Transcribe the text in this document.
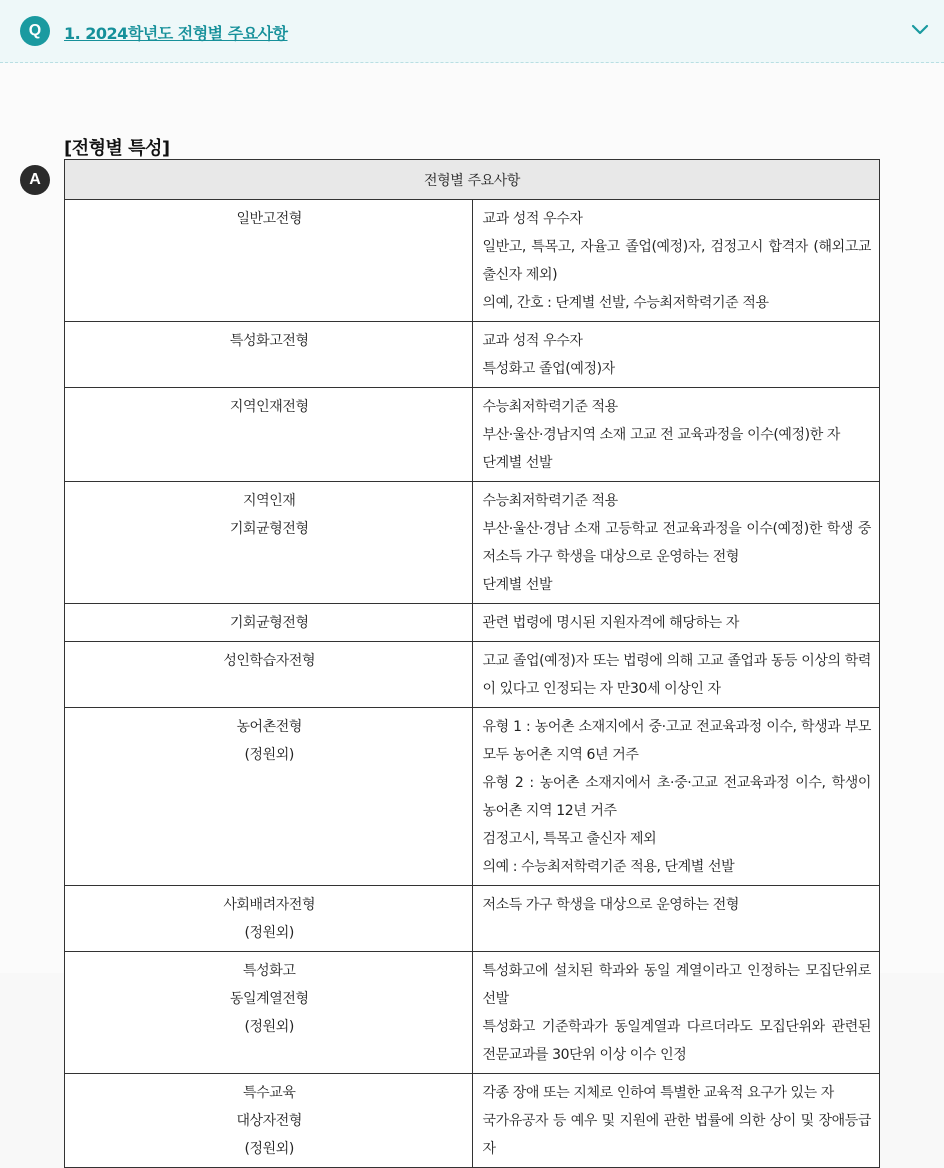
Q	1. 2024학년도 전형별 주요사항
[전형별 특성]
A	전형별 주요사항	

일반고전형	교과 성적 우수자
일반고, 특목고, 자율고 졸업(예정)자, 검정고시 합격자 (해외고교 출신자 제외)
의예, 간호 : 단계별 선발, 수능최저학력기준 적용

특성화고전형	교과 성적 우수자
특성화고 졸업(예정)자

지역인재전형	수능최저학력기준 적용
부산·울산·경남지역 소재 고교 전 교육과정을 이수(예정)한 자
단계별 선발

지역인재
기회균형전형	수능최저학력기준 적용
부산·울산·경남 소재 고등학교 전교육과정을 이수(예정)한 학생 중 저소득 가구 학생을 대상으로 운영하는 전형
단계별 선발

기회균형전형	관련 법령에 명시된 지원자격에 해당하는 자

성인학습자전형	고교 졸업(예정)자 또는 법령에 의해 고교 졸업과 동등 이상의 학력이 있다고 인정되는 자 만30세 이상인 자

농어촌전형
(정원외)	유형 1 : 농어촌 소재지에서 중·고교 전교육과정 이수, 학생과 부모 모두 농어촌 지역 6년 거주
유형 2 : 농어촌 소재지에서 초·중·고교 전교육과정 이수, 학생이 농어촌 지역 12년 거주
검정고시, 특목고 출신자 제외
의예 : 수능최저학력기준 적용, 단계별 선발

사회배려자전형
(정원외)	저소득 가구 학생을 대상으로 운영하는 전형

특성화고
동일계열전형
(정원외)	특성화고에 설치된 학과와 동일 계열이라고 인정하는 모집단위로 선발
특성화고 기준학과가 동일계열과 다르더라도 모집단위와 관련된 전문교과를 30단위 이상 이수 인정

특수교육
대상자전형
(정원외)	각종 장애 또는 지체로 인하여 특별한 교육적 요구가 있는 자
국가유공자 등 예우 및 지원에 관한 법률에 의한 상이 및 장애등급자
